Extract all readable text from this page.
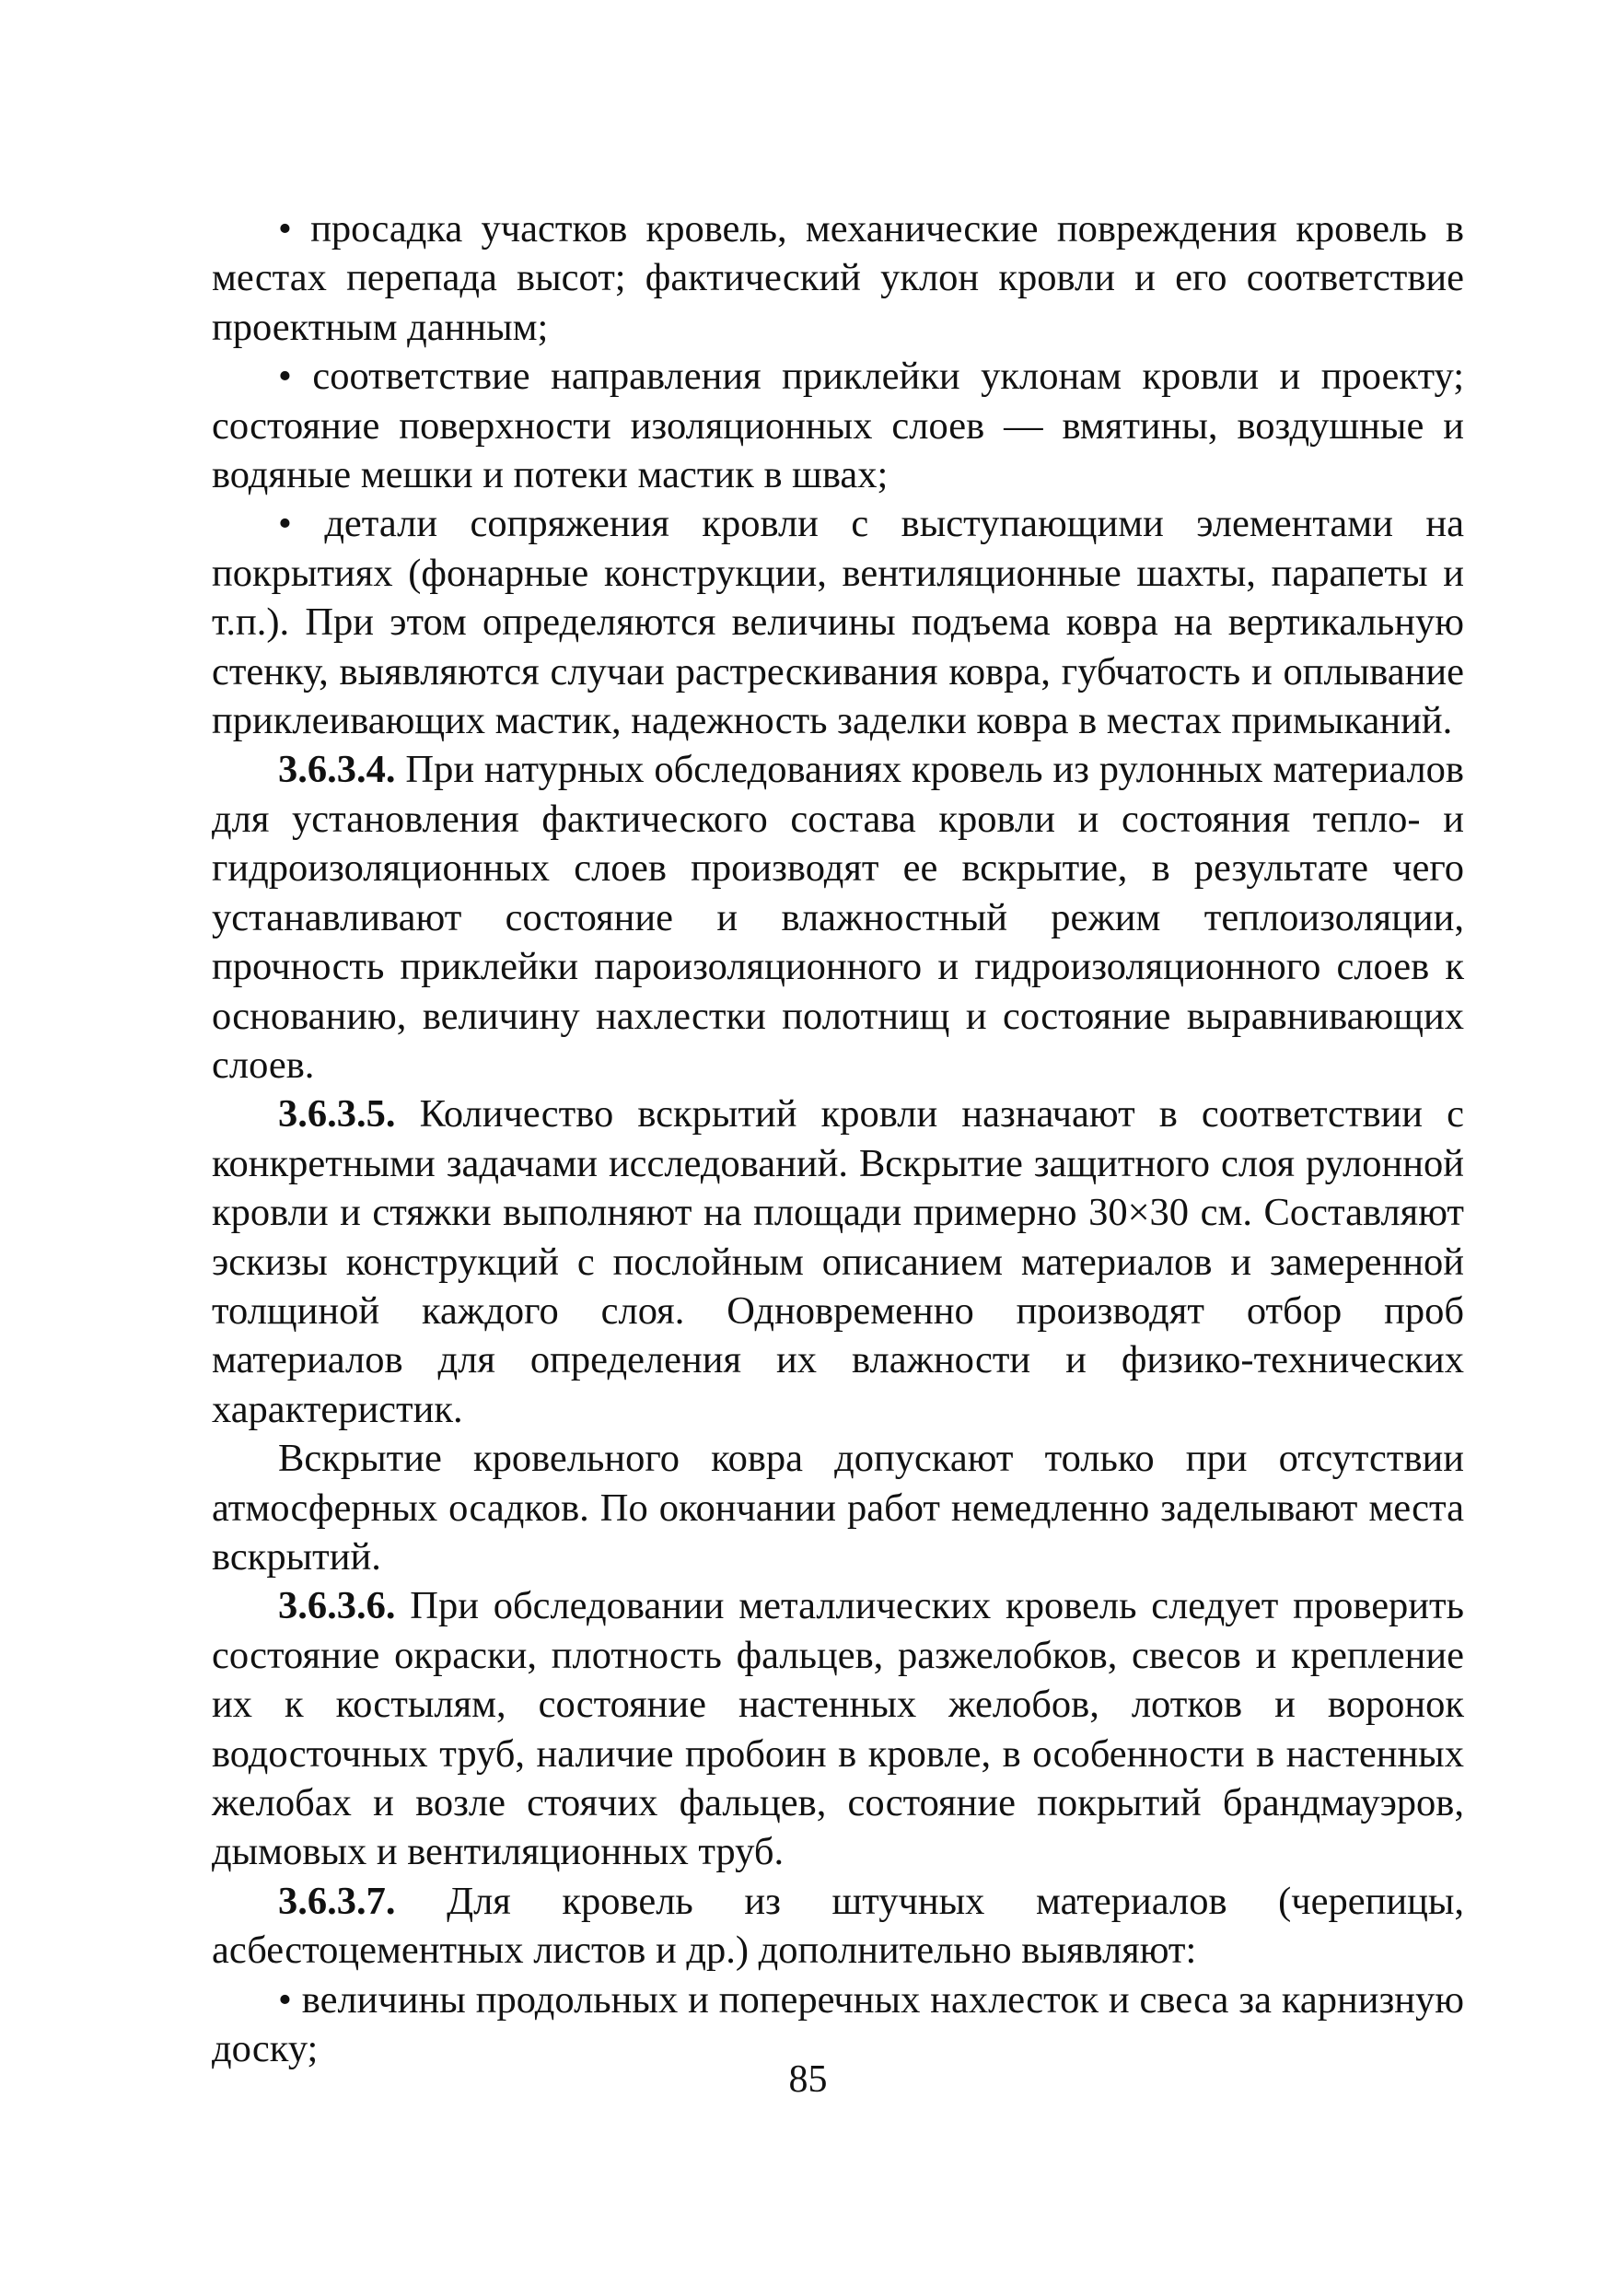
• просадка участков кровель, механические повреждения кровель в местах перепада высот; фактический уклон кровли и его соответствие проектным данным;

• соответствие направления приклейки уклонам кровли и проекту; состояние поверхности изоляционных слоев — вмятины, воздушные и водяные мешки и потеки мастик в швах;

• детали сопряжения кровли с выступающими элементами на покрытиях (фонарные конструкции, вентиляционные шахты, парапеты и т.п.). При этом определяются величины подъема ковра на вертикальную стенку, выявляются случаи растрескивания ковра, губчатость и оплывание приклеивающих мастик, надежность заделки ковра в местах примыканий.

3.6.3.4. При натурных обследованиях кровель из рулонных материалов для установления фактического состава кровли и состояния тепло- и гидроизоляционных слоев производят ее вскрытие, в результате чего устанавливают состояние и влажностный режим теплоизоляции, прочность приклейки пароизоляционного и гидроизоляционного слоев к основанию, величину нахлестки полотнищ и состояние выравнивающих слоев.

3.6.3.5. Количество вскрытий кровли назначают в соответствии с конкретными задачами исследований. Вскрытие защитного слоя рулонной кровли и стяжки выполняют на площади примерно 30×30 см. Составляют эскизы конструкций с послойным описанием материалов и замеренной толщиной каждого слоя. Одновременно производят отбор проб материалов для определения их влажности и физико-технических характеристик.

Вскрытие кровельного ковра допускают только при отсутствии атмосферных осадков. По окончании работ немедленно заделывают места вскрытий.

3.6.3.6. При обследовании металлических кровель следует проверить состояние окраски, плотность фальцев, разжелобков, свесов и крепление их к костылям, состояние настенных желобов, лотков и воронок водосточных труб, наличие пробоин в кровле, в особенности в настенных желобах и возле стоячих фальцев, состояние покрытий брандмауэров, дымовых и вентиляционных труб.

3.6.3.7. Для кровель из штучных материалов (черепицы, асбестоцементных листов и др.) дополнительно выявляют:

• величины продольных и поперечных нахлесток и свеса за карнизную доску;

85
